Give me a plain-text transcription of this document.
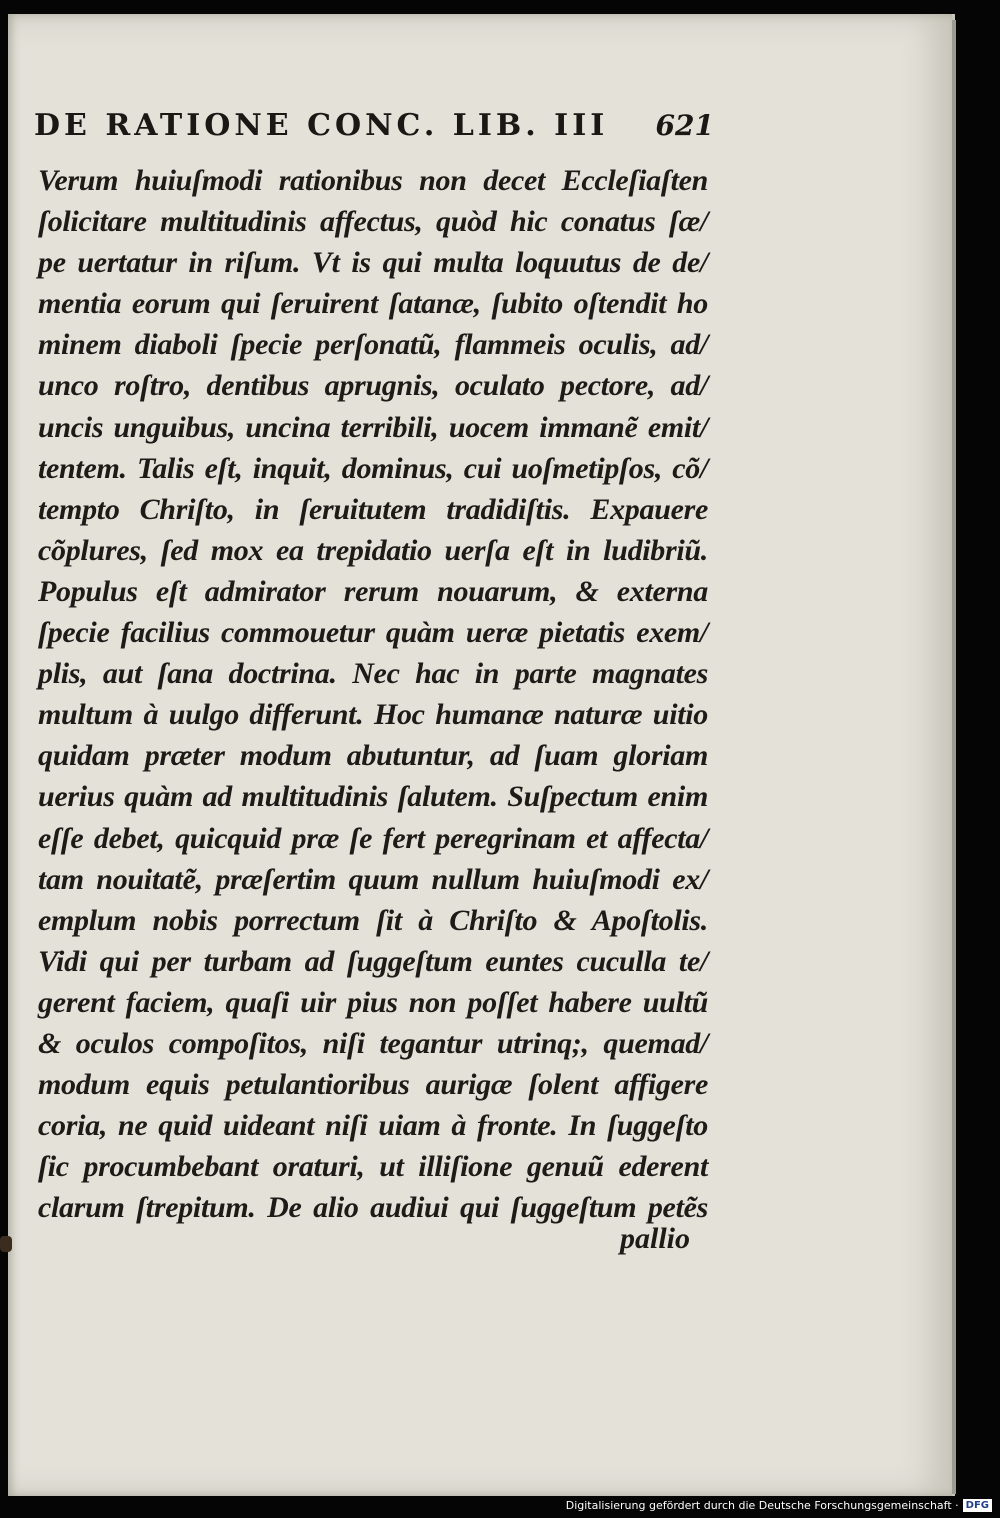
DE RATIONE CONC. LIB. III 621
Verum huiuſmodi rationibus non decet Eccleſiaſten
ſolicitare multitudinis affectus, quòd hic conatus ſæ/
pe uertatur in riſum. Vt is qui multa loquutus de de/
mentia eorum qui ſeruirent ſatanæ, ſubito oſtendit ho
minem diaboli ſpecie perſonatũ, flammeis oculis, ad/
unco roſtro, dentibus aprugnis, oculato pectore, ad/
uncis unguibus, uncina terribili, uocem immanẽ emit/
tentem. Talis eſt, inquit, dominus, cui uoſmetipſos, cõ/
tempto Chriſto, in ſeruitutem tradidiſtis. Expauere
cõplures, ſed mox ea trepidatio uerſa eſt in ludibriũ.
Populus eſt admirator rerum nouarum, & externa
ſpecie facilius commouetur quàm ueræ pietatis exem/
plis, aut ſana doctrina. Nec hac in parte magnates
multum à uulgo differunt. Hoc humanæ naturæ uitio
quidam præter modum abutuntur, ad ſuam gloriam
uerius quàm ad multitudinis ſalutem. Suſpectum enim
eſſe debet, quicquid præ ſe fert peregrinam et affecta/
tam nouitatẽ, præſertim quum nullum huiuſmodi ex/
emplum nobis porrectum ſit à Chriſto & Apoſtolis.
Vidi qui per turbam ad ſuggeſtum euntes cuculla te/
gerent faciem, quaſi uir pius non poſſet habere uultũ
& oculos compoſitos, niſi tegantur utrinq;, quemad/
modum equis petulantioribus aurigæ ſolent affigere
coria, ne quid uideant niſi uiam à fronte. In ſuggeſto
ſic procumbebant oraturi, ut illiſione genuũ ederent
clarum ſtrepitum. De alio audiui qui ſuggeſtum petẽs
pallio
Digitalisierung gefördert durch die Deutsche Forschungsgemeinschaft · DFG
